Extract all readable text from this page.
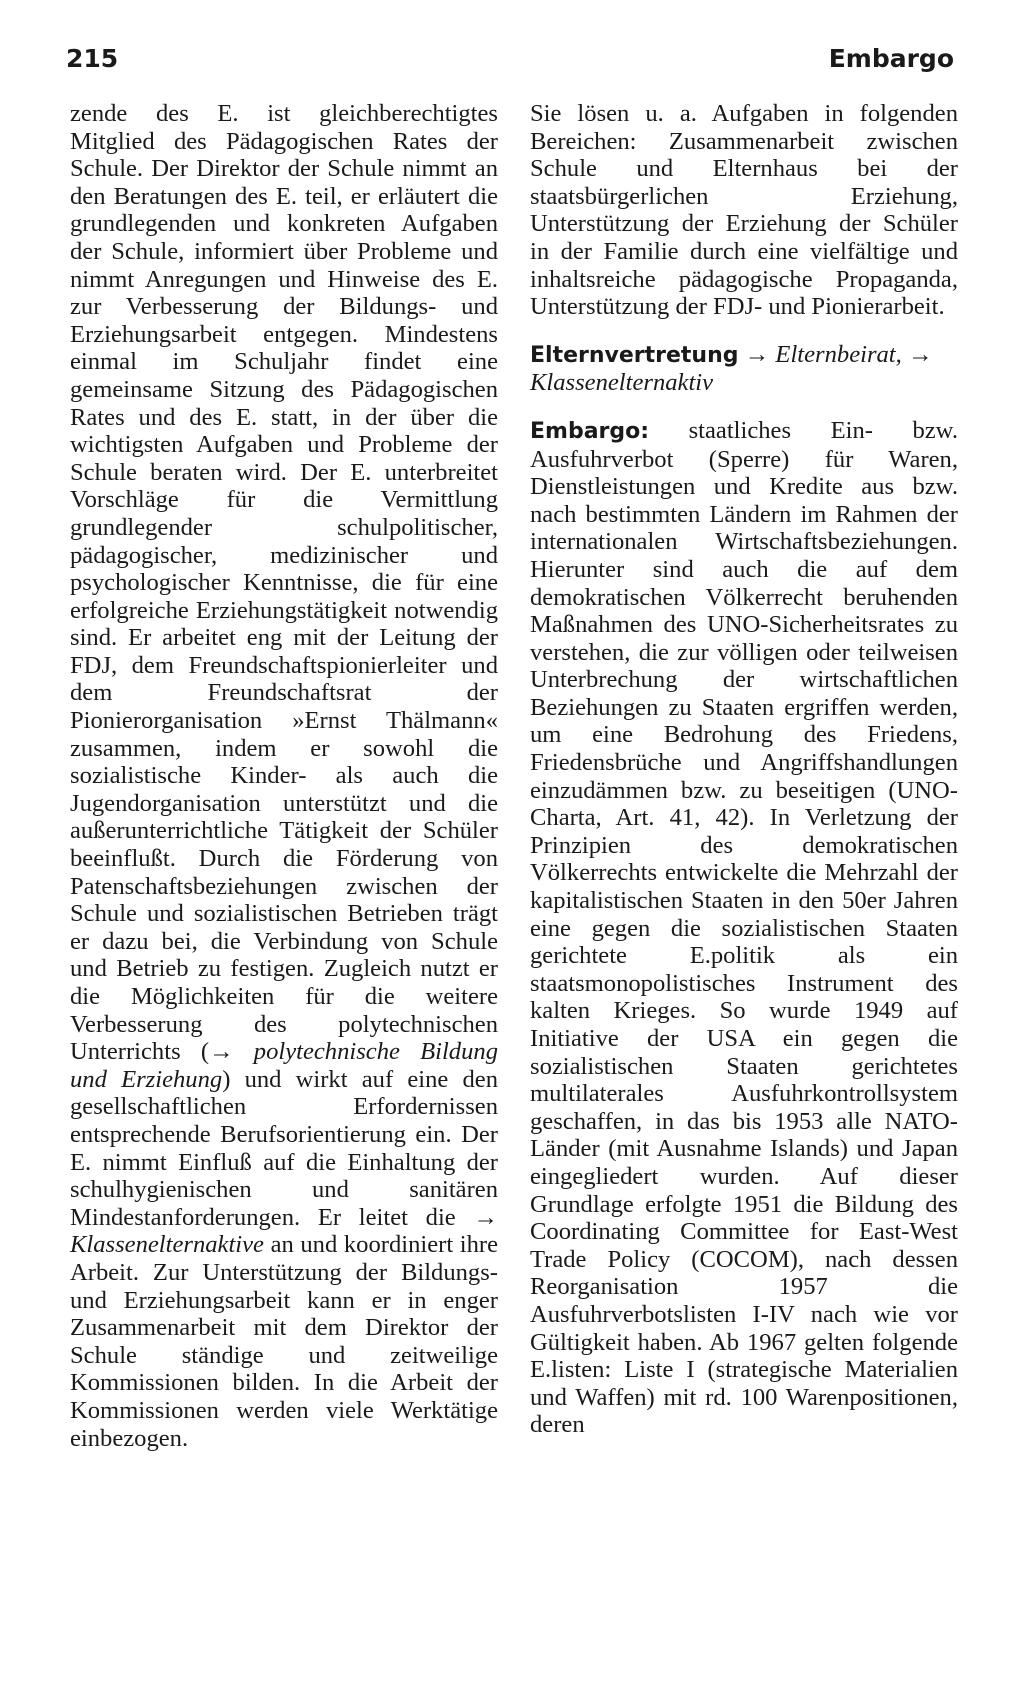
215	Embargo

zende des E. ist gleichberechtigtes Mitglied des Pädagogischen Rates der Schule. Der Direktor der Schule nimmt an den Beratungen des E. teil, er erläutert die grundlegenden und konkreten Aufgaben der Schule, informiert über Probleme und nimmt Anregungen und Hinweise des E. zur Verbesserung der Bildungs- und Erziehungsarbeit entgegen. Mindestens einmal im Schuljahr findet eine gemeinsame Sitzung des Pädagogischen Rates und des E. statt, in der über die wichtigsten Aufgaben und Probleme der Schule beraten wird. Der E. unterbreitet Vorschläge für die Vermittlung grundlegender schulpolitischer, pädagogischer, medizinischer und psychologischer Kenntnisse, die für eine erfolgreiche Erziehungstätigkeit notwendig sind. Er arbeitet eng mit der Leitung der FDJ, dem Freundschaftspionierleiter und dem Freundschaftsrat der Pionierorganisation »Ernst Thälmann« zusammen, indem er sowohl die sozialistische Kinder- als auch die Jugendorganisation unterstützt und die außerunterrichtliche Tätigkeit der Schüler beeinflußt. Durch die Förderung von Patenschaftsbeziehungen zwischen der Schule und sozialistischen Betrieben trägt er dazu bei, die Verbindung von Schule und Betrieb zu festigen. Zugleich nutzt er die Möglichkeiten für die weitere Verbesserung des polytechnischen Unterrichts (→ polytechnische Bildung und Erziehung) und wirkt auf eine den gesellschaftlichen Erfordernissen entsprechende Berufsorientierung ein. Der E. nimmt Einfluß auf die Einhaltung der schulhygienischen und sanitären Mindestanforderungen. Er leitet die → Klassenelternaktive an und koordiniert ihre Arbeit. Zur Unterstützung der Bildungs- und Erziehungsarbeit kann er in enger Zusammenarbeit mit dem Direktor der Schule ständige und zeitweilige Kommissionen bilden. In die Arbeit der Kommissionen werden viele Werktätige einbezogen.

Sie lösen u. a. Aufgaben in folgenden Bereichen: Zusammenarbeit zwischen Schule und Elternhaus bei der staatsbürgerlichen Erziehung, Unterstützung der Erziehung der Schüler in der Familie durch eine vielfältige und inhaltsreiche pädagogische Propaganda, Unterstützung der FDJ- und Pionierarbeit.

Elternvertretung → Elternbeirat, → Klassenelternaktiv

Embargo: staatliches Ein- bzw. Ausfuhrverbot (Sperre) für Waren, Dienstleistungen und Kredite aus bzw. nach bestimmten Ländern im Rahmen der internationalen Wirtschaftsbeziehungen. Hierunter sind auch die auf dem demokratischen Völkerrecht beruhenden Maßnahmen des UNO-Sicherheitsrates zu verstehen, die zur völligen oder teilweisen Unterbrechung der wirtschaftlichen Beziehungen zu Staaten ergriffen werden, um eine Bedrohung des Friedens, Friedensbrüche und Angriffshandlungen einzudämmen bzw. zu beseitigen (UNO-Charta, Art. 41, 42). In Verletzung der Prinzipien des demokratischen Völkerrechts entwickelte die Mehrzahl der kapitalistischen Staaten in den 50er Jahren eine gegen die sozialistischen Staaten gerichtete E.politik als ein staatsmonopolistisches Instrument des kalten Krieges. So wurde 1949 auf Initiative der USA ein gegen die sozialistischen Staaten gerichtetes multilaterales Ausfuhrkontrollsystem geschaffen, in das bis 1953 alle NATO-Länder (mit Ausnahme Islands) und Japan eingegliedert wurden. Auf dieser Grundlage erfolgte 1951 die Bildung des Coordinating Committee for East-West Trade Policy (COCOM), nach dessen Reorganisation 1957 die Ausfuhrverbotslisten I-IV nach wie vor Gültigkeit haben. Ab 1967 gelten folgende E.listen: Liste I (strategische Materialien und Waffen) mit rd. 100 Warenpositionen, deren
